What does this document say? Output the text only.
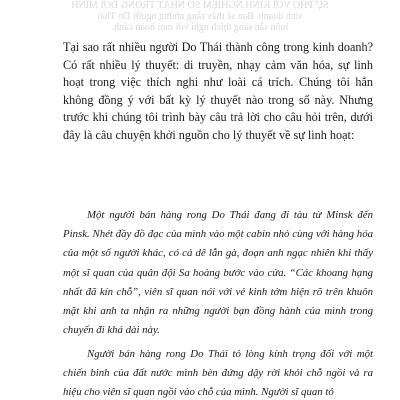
SỰ PHÓ VỚI KINH NGHIỆM SỐ NHẤT TRONG ĐỜI MÌNH
sinh doanh. Bạn sẽ thấy rằng những người Do Thái
luôn sẵn sàng thích nghi với mọi hoàn cảnh.

Tại sao rất nhiều người Do Thái thành công trong kinh doanh? Có rất nhiều lý thuyết: di truyền, nhạy cảm văn hóa, sự linh hoạt trong việc thích nghi như loài cá trích. Chúng tôi hẳn không đồng ý với bất kỳ lý thuyết nào trong số này. Nhưng trước khi chúng tôi trình bày câu trả lời cho câu hỏi trên, dưới đây là câu chuyện khởi nguồn cho lý thuyết về sự linh hoạt:

Một người bán hàng rong Do Thái đang đi tàu từ Minsk đến Pinsk. Nhét đầy đồ đạc của mình vào một cabin nhỏ cùng với hàng hóa của một số người khác, có cả dê lẫn gà, đoạn anh ngạc nhiên khi thấy một sĩ quan của quân đội Sa hoàng bước vào cửa. “Các khoang hạng nhất đã kín chỗ”, viên sĩ quan nói với vẻ kinh tởm hiện rõ trên khuôn mặt khi anh ta nhận ra những người bạn đồng hành của mình trong chuyến đi khá dài này.

Người bán hàng rong Do Thái tỏ lòng kính trọng đối với một chiến binh của đất nước mình bèn đứng dậy rời khỏi chỗ ngồi và ra hiệu cho viên sĩ quan ngồi vào chỗ của mình. Người sĩ quan tỏ
